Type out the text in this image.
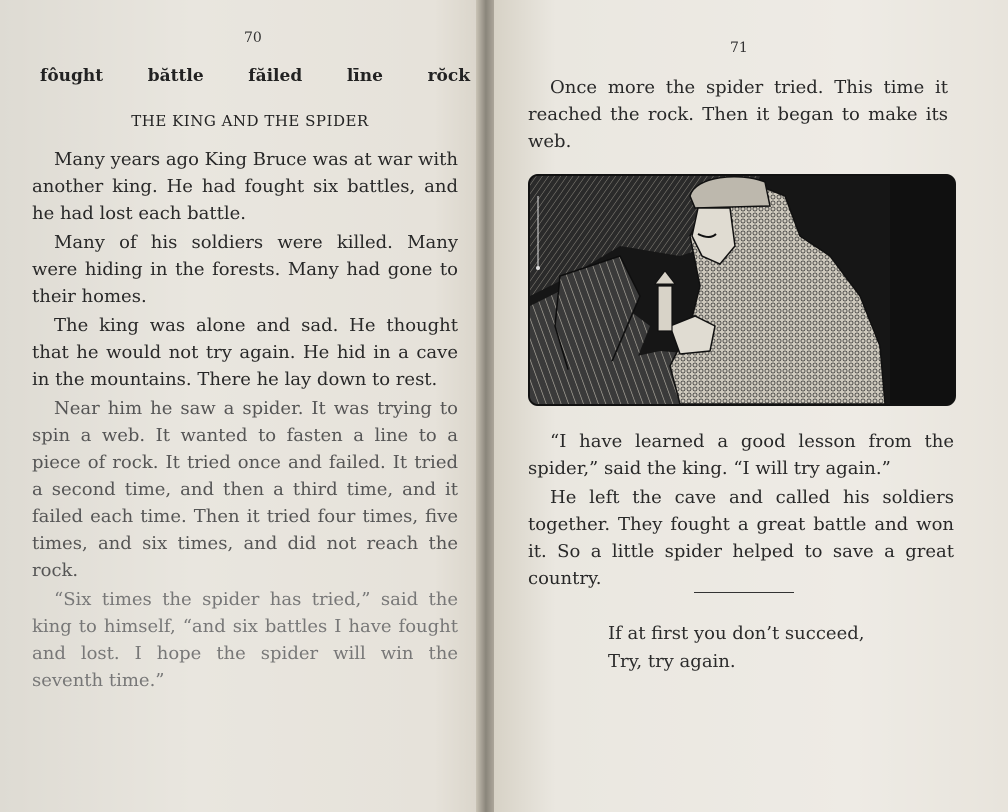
70
fôught	băttle	făiled	līne	rŏck
THE KING AND THE SPIDER

Many years ago King Bruce was at war with another king. He had fought six battles, and he had lost each battle.

Many of his soldiers were killed. Many were hiding in the forests. Many had gone to their homes.

The king was alone and sad. He thought that he would not try again. He hid in a cave in the mountains. There he lay down to rest.

Near him he saw a spider. It was trying to spin a web. It wanted to fasten a line to a piece of rock. It tried once and failed. It tried a second time, and then a third time, and it failed each time. Then it tried four times, five times, and six times, and did not reach the rock.

“Six times the spider has tried,” said the king to himself, “and six battles I have fought and lost. I hope the spider will win the seventh time.”

71

Once more the spider tried. This time it reached the rock. Then it began to make its web.

“I have learned a good lesson from the spider,” said the king. “I will try again.”

He left the cave and called his soldiers together. They fought a great battle and won it. So a little spider helped to save a great country.

If at first you don’t succeed,
Try, try again.
